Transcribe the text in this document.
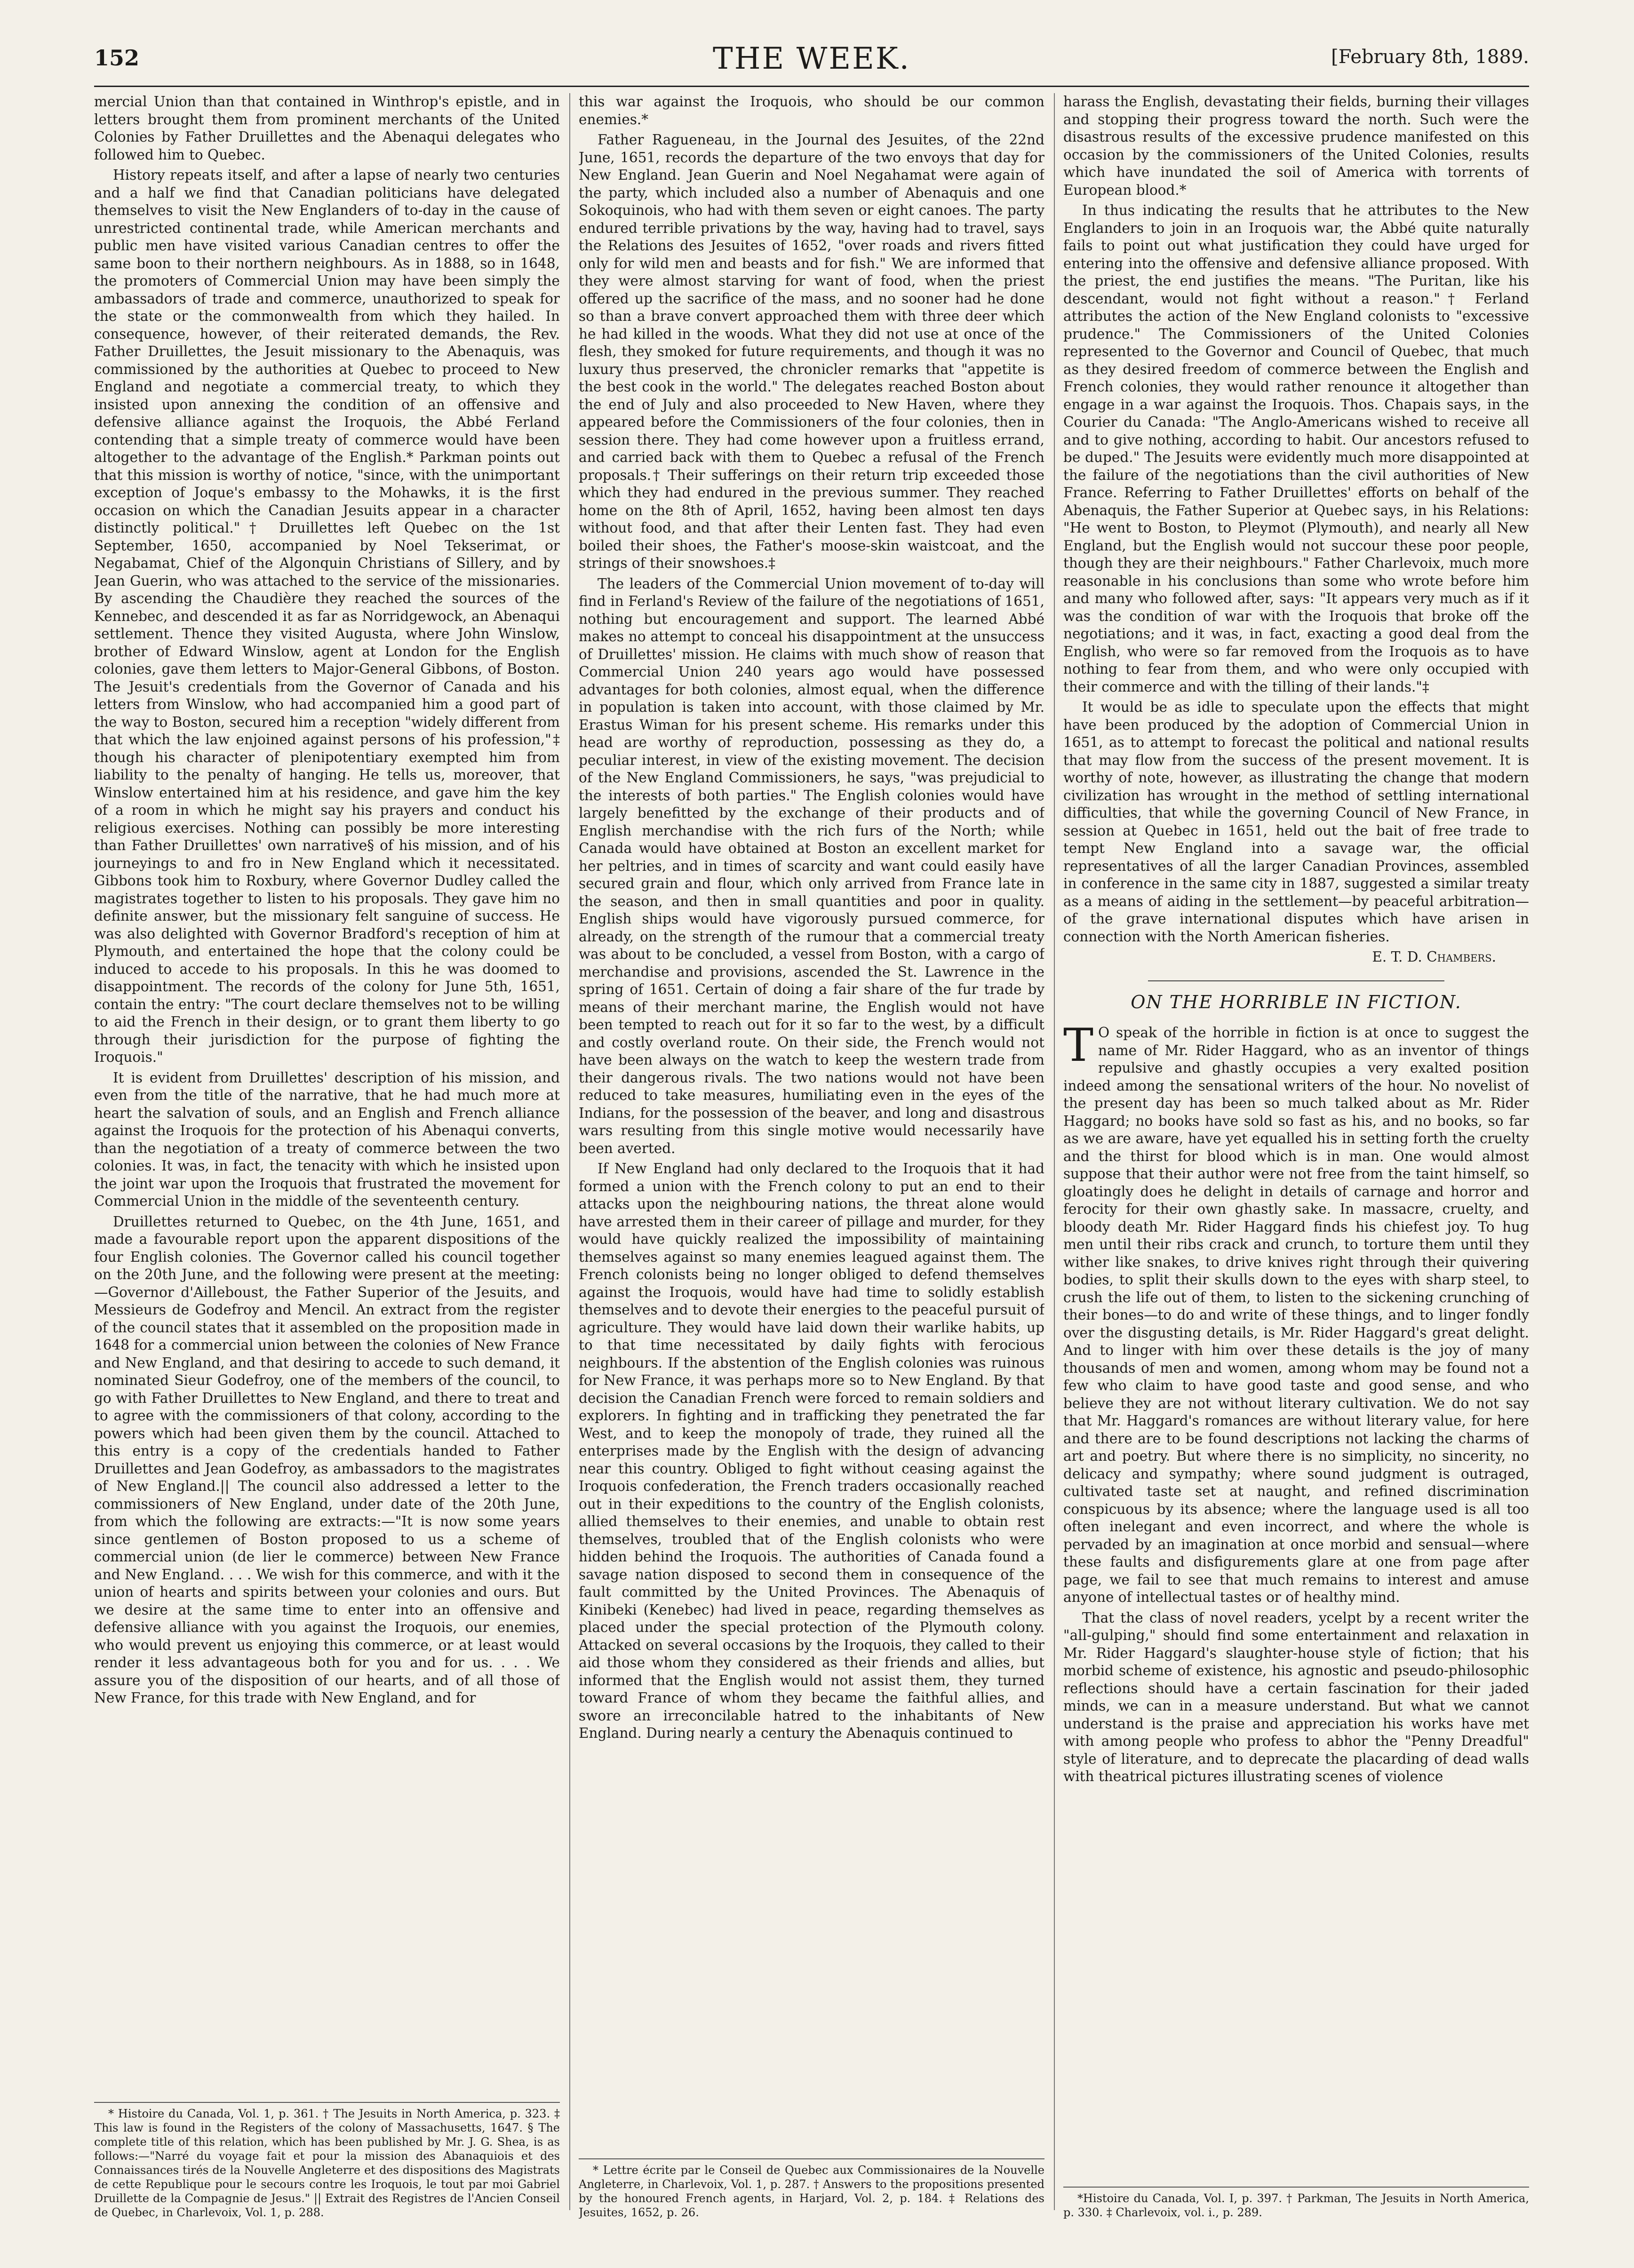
152	THE WEEK.	[February 8th, 1889.

mercial Union than that contained in Winthrop's epistle, and in letters brought them from prominent merchants of the United Colonies by Father Druillettes and the Abenaqui delegates who followed him to Quebec.

History repeats itself, and after a lapse of nearly two centuries and a half we find that Canadian politicians have delegated themselves to visit the New Englanders of to-day in the cause of unrestricted continental trade, while American merchants and public men have visited various Canadian centres to offer the same boon to their northern neighbours. As in 1888, so in 1648, the promoters of Commercial Union may have been simply the ambassadors of trade and commerce, unauthorized to speak for the state or the commonwealth from which they hailed. In consequence, however, of their reiterated demands, the Rev. Father Druillettes, the Jesuit missionary to the Abenaquis, was commissioned by the authorities at Quebec to proceed to New England and negotiate a commercial treaty, to which they insisted upon annexing the condition of an offensive and defensive alliance against the Iroquois, the Abbé Ferland contending that a simple treaty of commerce would have been altogether to the advantage of the English.* Parkman points out that this mission is worthy of notice, "since, with the unimportant exception of Joque's embassy to the Mohawks, it is the first occasion on which the Canadian Jesuits appear in a character distinctly political."† Druillettes left Quebec on the 1st September, 1650, accompanied by Noel Tekserimat, or Negabamat, Chief of the Algonquin Christians of Sillery, and by Jean Guerin, who was attached to the service of the missionaries. By ascending the Chaudière they reached the sources of the Kennebec, and descended it as far as Norridgewock, an Abenaqui settlement. Thence they visited Augusta, where John Winslow, brother of Edward Winslow, agent at London for the English colonies, gave them letters to Major-General Gibbons, of Boston. The Jesuit's credentials from the Governor of Canada and his letters from Winslow, who had accompanied him a good part of the way to Boston, secured him a reception "widely different from that which the law enjoined against persons of his profession,"‡ though his character of plenipotentiary exempted him from liability to the penalty of hanging. He tells us, moreover, that Winslow entertained him at his residence, and gave him the key of a room in which he might say his prayers and conduct his religious exercises. Nothing can possibly be more interesting than Father Druillettes' own narrative§ of his mission, and of his journeyings to and fro in New England which it necessitated. Gibbons took him to Roxbury, where Governor Dudley called the magistrates together to listen to his proposals. They gave him no definite answer, but the missionary felt sanguine of success. He was also delighted with Governor Bradford's reception of him at Plymouth, and entertained the hope that the colony could be induced to accede to his proposals. In this he was doomed to disappointment. The records of the colony for June 5th, 1651, contain the entry: "The court declare themselves not to be willing to aid the French in their design, or to grant them liberty to go through their jurisdiction for the purpose of fighting the Iroquois."

It is evident from Druillettes' description of his mission, and even from the title of the narrative, that he had much more at heart the salvation of souls, and an English and French alliance against the Iroquois for the protection of his Abenaqui converts, than the negotiation of a treaty of commerce between the two colonies. It was, in fact, the tenacity with which he insisted upon the joint war upon the Iroquois that frustrated the movement for Commercial Union in the middle of the seventeenth century.

Druillettes returned to Quebec, on the 4th June, 1651, and made a favourable report upon the apparent dispositions of the four English colonies. The Governor called his council together on the 20th June, and the following were present at the meeting:—Governor d'Ailleboust, the Father Superior of the Jesuits, and Messieurs de Godefroy and Mencil. An extract from the register of the council states that it assembled on the proposition made in 1648 for a commercial union between the colonies of New France and New England, and that desiring to accede to such demand, it nominated Sieur Godefroy, one of the members of the council, to go with Father Druillettes to New England, and there to treat and to agree with the commissioners of that colony, according to the powers which had been given them by the council. Attached to this entry is a copy of the credentials handed to Father Druillettes and Jean Godefroy, as ambassadors to the magistrates of New England.|| The council also addressed a letter to the commissioners of New England, under date of the 20th June, from which the following are extracts:—"It is now some years since gentlemen of Boston proposed to us a scheme of commercial union (de lier le commerce) between New France and New England. . . . We wish for this commerce, and with it the union of hearts and spirits between your colonies and ours. But we desire at the same time to enter into an offensive and defensive alliance with you against the Iroquois, our enemies, who would prevent us enjoying this commerce, or at least would render it less advantageous both for you and for us. . . . We assure you of the disposition of our hearts, and of all those of New France, for this trade with New England, and for

* Histoire du Canada, Vol. 1, p. 361. † The Jesuits in North America, p. 323. ‡ This law is found in the Registers of the colony of Massachusetts, 1647. § The complete title of this relation, which has been published by Mr. J. G. Shea, is as follows:—"Narré du voyage fait et pour la mission des Abanaquiois et des Connaissances tirés de la Nouvelle Angleterre et des dispositions des Magistrats de cette Republique pour le secours contre les Iroquois, le tout par moi Gabriel Druillette de la Compagnie de Jesus." || Extrait des Registres de l'Ancien Conseil de Quebec, in Charlevoix, Vol. 1, p. 288.

this war against the Iroquois, who should be our common enemies.*

Father Ragueneau, in the Journal des Jesuites, of the 22nd June, 1651, records the departure of the two envoys that day for New England. Jean Guerin and Noel Negahamat were again of the party, which included also a number of Abenaquis and one Sokoquinois, who had with them seven or eight canoes. The party endured terrible privations by the way, having had to travel, says the Relations des Jesuites of 1652, "over roads and rivers fitted only for wild men and beasts and for fish." We are informed that they were almost starving for want of food, when the priest offered up the sacrifice of the mass, and no sooner had he done so than a brave convert approached them with three deer which he had killed in the woods. What they did not use at once of the flesh, they smoked for future requirements, and though it was no luxury thus preserved, the chronicler remarks that "appetite is the best cook in the world." The delegates reached Boston about the end of July and also proceeded to New Haven, where they appeared before the Commissioners of the four colonies, then in session there. They had come however upon a fruitless errand, and carried back with them to Quebec a refusal of the French proposals.† Their sufferings on their return trip exceeded those which they had endured in the previous summer. They reached home on the 8th of April, 1652, having been almost ten days without food, and that after their Lenten fast. They had even boiled their shoes, the Father's moose-skin waistcoat, and the strings of their snowshoes.‡

The leaders of the Commercial Union movement of to-day will find in Ferland's Review of the failure of the negotiations of 1651, nothing but encouragement and support. The learned Abbé makes no attempt to conceal his disappointment at the unsuccess of Druillettes' mission. He claims with much show of reason that Commercial Union 240 years ago would have possessed advantages for both colonies, almost equal, when the difference in population is taken into account, with those claimed by Mr. Erastus Wiman for his present scheme. His remarks under this head are worthy of reproduction, possessing as they do, a peculiar interest, in view of the existing movement. The decision of the New England Commissioners, he says, "was prejudicial to the interests of both parties." The English colonies would have largely benefitted by the exchange of their products and of English merchandise with the rich furs of the North; while Canada would have obtained at Boston an excellent market for her peltries, and in times of scarcity and want could easily have secured grain and flour, which only arrived from France late in the season, and then in small quantities and poor in quality. English ships would have vigorously pursued commerce, for already, on the strength of the rumour that a commercial treaty was about to be concluded, a vessel from Boston, with a cargo of merchandise and provisions, ascended the St. Lawrence in the spring of 1651. Certain of doing a fair share of the fur trade by means of their merchant marine, the English would not have been tempted to reach out for it so far to the west, by a difficult and costly overland route. On their side, the French would not have been always on the watch to keep the western trade from their dangerous rivals. The two nations would not have been reduced to take measures, humiliating even in the eyes of the Indians, for the possession of the beaver, and long and disastrous wars resulting from this single motive would necessarily have been averted.

If New England had only declared to the Iroquois that it had formed a union with the French colony to put an end to their attacks upon the neighbouring nations, the threat alone would have arrested them in their career of pillage and murder, for they would have quickly realized the impossibility of maintaining themselves against so many enemies leagued against them. The French colonists being no longer obliged to defend themselves against the Iroquois, would have had time to solidly establish themselves and to devote their energies to the peaceful pursuit of agriculture. They would have laid down their warlike habits, up to that time necessitated by daily fights with ferocious neighbours. If the abstention of the English colonies was ruinous for New France, it was perhaps more so to New England. By that decision the Canadian French were forced to remain soldiers and explorers. In fighting and in trafficking they penetrated the far West, and to keep the monopoly of trade, they ruined all the enterprises made by the English with the design of advancing near this country. Obliged to fight without ceasing against the Iroquois confederation, the French traders occasionally reached out in their expeditions to the country of the English colonists, allied themselves to their enemies, and unable to obtain rest themselves, troubled that of the English colonists who were hidden behind the Iroquois. The authorities of Canada found a savage nation disposed to second them in consequence of the fault committed by the United Provinces. The Abenaquis of Kinibeki (Kenebec) had lived in peace, regarding themselves as placed under the special protection of the Plymouth colony. Attacked on several occasions by the Iroquois, they called to their aid those whom they considered as their friends and allies, but informed that the English would not assist them, they turned toward France of whom they became the faithful allies, and swore an irreconcilable hatred to the inhabitants of New England. During nearly a century the Abenaquis continued to

* Lettre écrite par le Conseil de Quebec aux Commissionaires de la Nouvelle Angleterre, in Charlevoix, Vol. 1, p. 287. † Answers to the propositions presented by the honoured French agents, in Harjard, Vol. 2, p. 184. ‡ Relations des Jesuites, 1652, p. 26.

harass the English, devastating their fields, burning their villages and stopping their progress toward the north. Such were the disastrous results of the excessive prudence manifested on this occasion by the commissioners of the United Colonies, results which have inundated the soil of America with torrents of European blood.*

In thus indicating the results that he attributes to the New Englanders to join in an Iroquois war, the Abbé quite naturally fails to point out what justification they could have urged for entering into the offensive and defensive alliance proposed. With the priest, the end justifies the means. "The Puritan, like his descendant, would not fight without a reason."† Ferland attributes the action of the New England colonists to "excessive prudence." The Commissioners of the United Colonies represented to the Governor and Council of Quebec, that much as they desired freedom of commerce between the English and French colonies, they would rather renounce it altogether than engage in a war against the Iroquois. Thos. Chapais says, in the Courier du Canada: "The Anglo-Americans wished to receive all and to give nothing, according to habit. Our ancestors refused to be duped." The Jesuits were evidently much more disappointed at the failure of the negotiations than the civil authorities of New France. Referring to Father Druillettes' efforts on behalf of the Abenaquis, the Father Superior at Quebec says, in his Relations: "He went to Boston, to Pleymot (Plymouth), and nearly all New England, but the English would not succour these poor people, though they are their neighbours." Father Charlevoix, much more reasonable in his conclusions than some who wrote before him and many who followed after, says: "It appears very much as if it was the condition of war with the Iroquois that broke off the negotiations; and it was, in fact, exacting a good deal from the English, who were so far removed from the Iroquois as to have nothing to fear from them, and who were only occupied with their commerce and with the tilling of their lands."‡

It would be as idle to speculate upon the effects that might have been produced by the adoption of Commercial Union in 1651, as to attempt to forecast the political and national results that may flow from the success of the present movement. It is worthy of note, however, as illustrating the change that modern civilization has wrought in the method of settling international difficulties, that while the governing Council of New France, in session at Quebec in 1651, held out the bait of free trade to tempt New England into a savage war, the official representatives of all the larger Canadian Provinces, assembled in conference in the same city in 1887, suggested a similar treaty as a means of aiding in the settlement—by peaceful arbitration—of the grave international disputes which have arisen in connection with the North American fisheries.

E. T. D. Chambers.
ON THE HORRIBLE IN FICTION.

T O speak of the horrible in fiction is at once to suggest the name of Mr. Rider Haggard, who as an inventor of things repulsive and ghastly occupies a very exalted position indeed among the sensational writers of the hour. No novelist of the present day has been so much talked about as Mr. Rider Haggard; no books have sold so fast as his, and no books, so far as we are aware, have yet equalled his in setting forth the cruelty and the thirst for blood which is in man. One would almost suppose that their author were not free from the taint himself, so gloatingly does he delight in details of carnage and horror and ferocity for their own ghastly sake. In massacre, cruelty, and bloody death Mr. Rider Haggard finds his chiefest joy. To hug men until their ribs crack and crunch, to torture them until they wither like snakes, to drive knives right through their quivering bodies, to split their skulls down to the eyes with sharp steel, to crush the life out of them, to listen to the sickening crunching of their bones—to do and write of these things, and to linger fondly over the disgusting details, is Mr. Rider Haggard's great delight. And to linger with him over these details is the joy of many thousands of men and women, among whom may be found not a few who claim to have good taste and good sense, and who believe they are not without literary cultivation. We do not say that Mr. Haggard's romances are without literary value, for here and there are to be found descriptions not lacking the charms of art and poetry. But where there is no simplicity, no sincerity, no delicacy and sympathy; where sound judgment is outraged, cultivated taste set at naught, and refined discrimination conspicuous by its absence; where the language used is all too often inelegant and even incorrect, and where the whole is pervaded by an imagination at once morbid and sensual—where these faults and disfigurements glare at one from page after page, we fail to see that much remains to interest and amuse anyone of intellectual tastes or of healthy mind.

That the class of novel readers, ycelpt by a recent writer the "all-gulping," should find some entertainment and relaxation in Mr. Rider Haggard's slaughter-house style of fiction; that his morbid scheme of existence, his agnostic and pseudo-philosophic reflections should have a certain fascination for their jaded minds, we can in a measure understand. But what we cannot understand is the praise and appreciation his works have met with among people who profess to abhor the "Penny Dreadful" style of literature, and to deprecate the placarding of dead walls with theatrical pictures illustrating scenes of violence

*Histoire du Canada, Vol. I, p. 397. † Parkman, The Jesuits in North America, p. 330. ‡ Charlevoix, vol. i., p. 289.
